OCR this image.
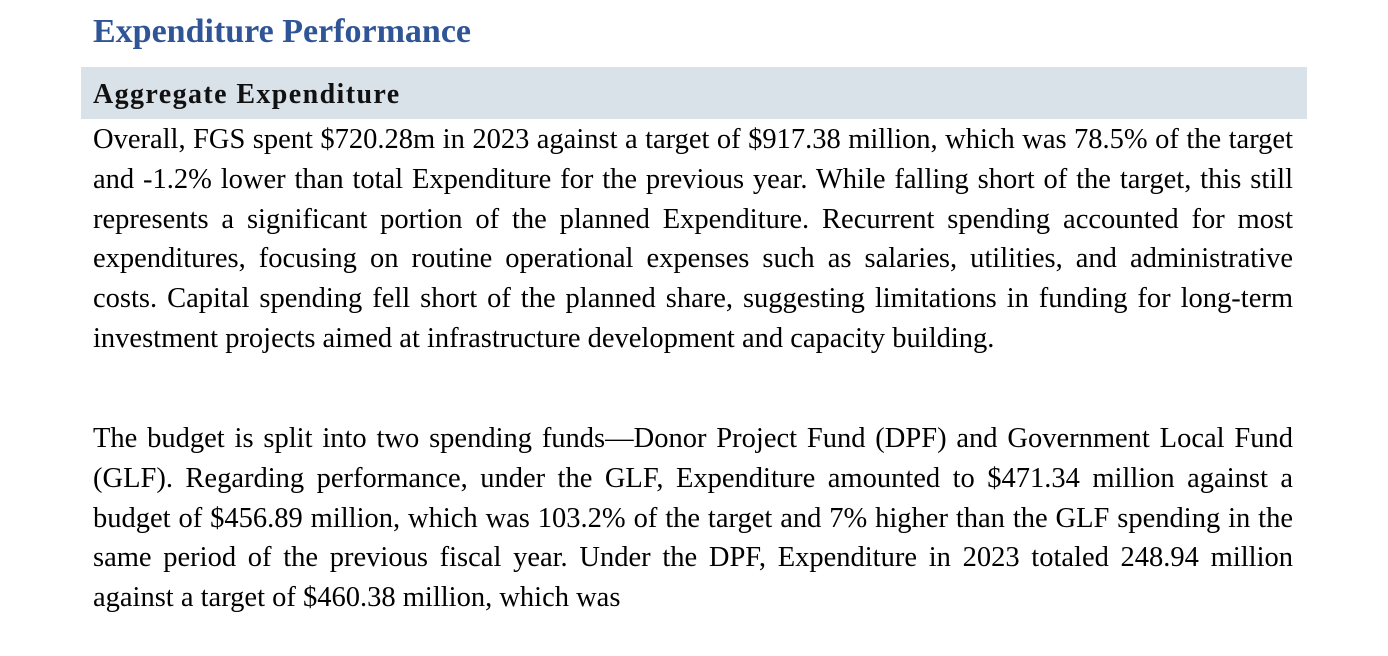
Expenditure Performance
Aggregate Expenditure

Overall, FGS spent $720.28m in 2023 against a target of $917.38 million, which was 78.5% of the target and -1.2% lower than total Expenditure for the previous year. While falling short of the target, this still represents a significant portion of the planned Expenditure. Recurrent spending accounted for most expenditures, focusing on routine operational expenses such as salaries, utilities, and administrative costs. Capital spending fell short of the planned share, suggesting limitations in funding for long-term investment projects aimed at infrastructure development and capacity building.

The budget is split into two spending funds—Donor Project Fund (DPF) and Government Local Fund (GLF). Regarding performance, under the GLF, Expenditure amounted to $471.34 million against a budget of $456.89 million, which was 103.2% of the target and 7% higher than the GLF spending in the same period of the previous fiscal year. Under the DPF, Expenditure in 2023 totaled 248.94 million against a target of $460.38 million, which was
